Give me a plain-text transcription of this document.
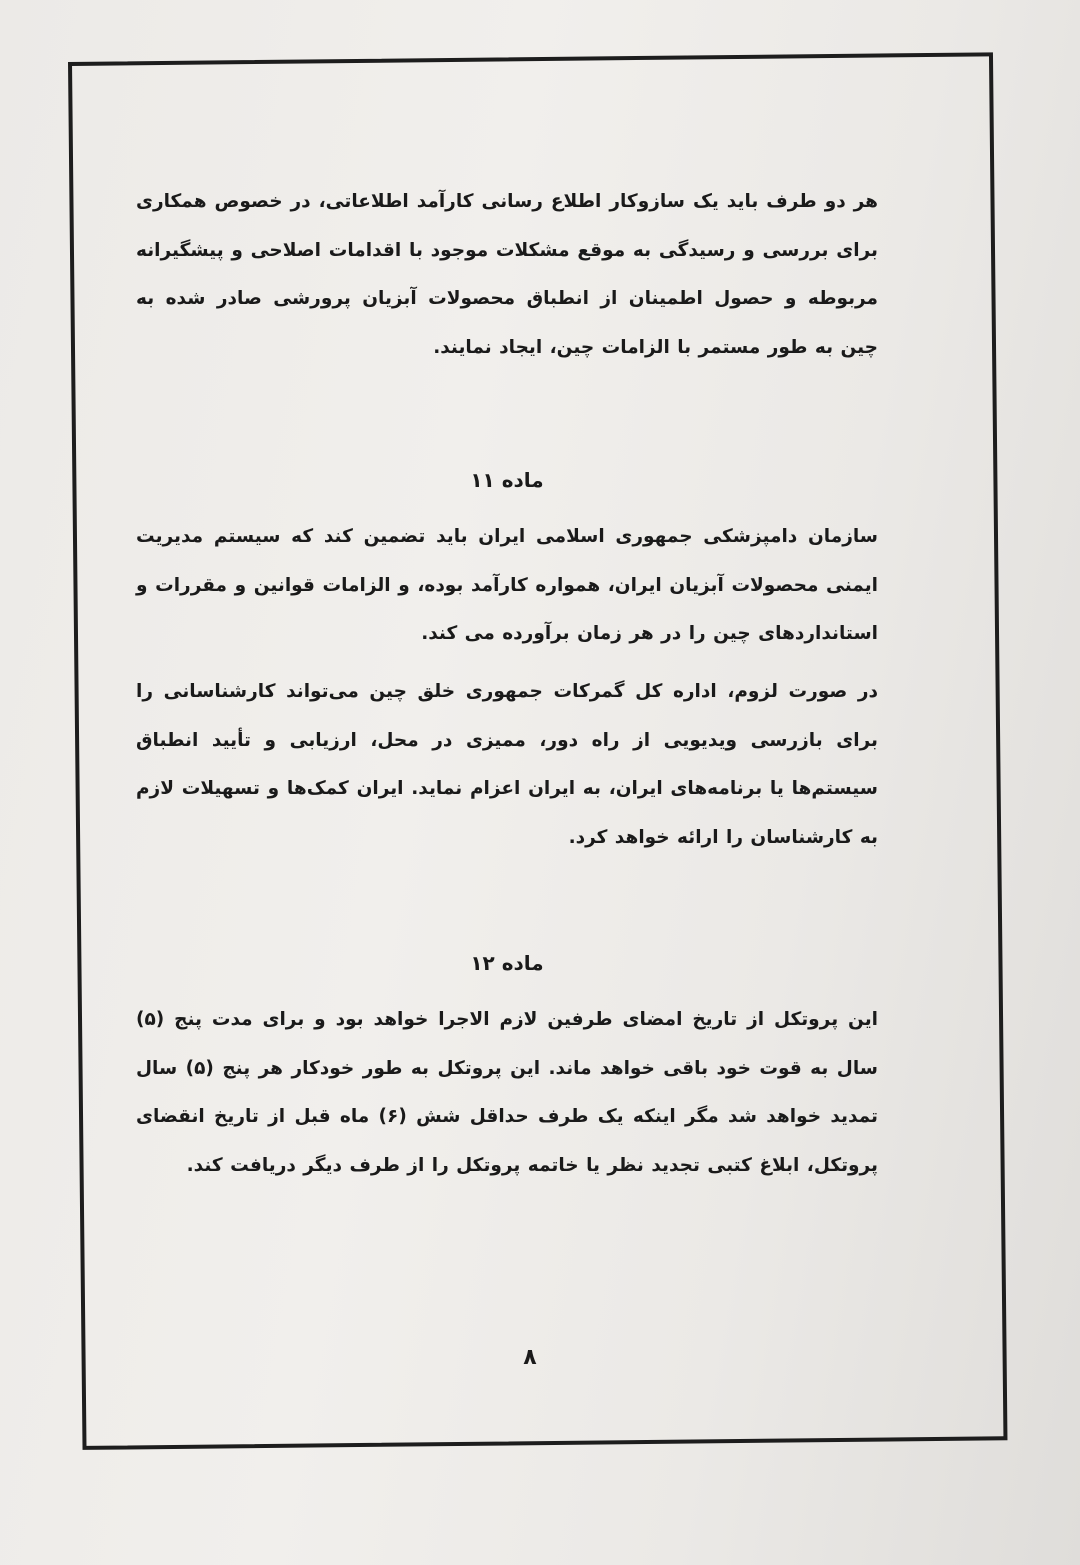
هر دو طرف باید یک سازوکار اطلاع رسانی کارآمد اطلاعاتی، در خصوص همکاری برای بررسی و رسیدگی به موقع مشکلات موجود با اقدامات اصلاحی و پیشگیرانه مربوطه و حصول اطمینان از انطباق محصولات آبزیان پرورشی صادر شده به چین به طور مستمر با الزامات چین، ایجاد نمایند.

ماده ۱۱

سازمان دامپزشکی جمهوری اسلامی ایران باید تضمین کند که سیستم مدیریت ایمنی محصولات آبزیان ایران، همواره کارآمد بوده، و الزامات قوانین و مقررات و استانداردهای چین را در هر زمان برآورده می کند.

در صورت لزوم، اداره کل گمرکات جمهوری خلق چین می‌تواند کارشناسانی را برای بازرسی ویدیویی از راه دور، ممیزی در محل، ارزیابی و تأیید انطباق سیستم‌ها یا برنامه‌های ایران، به ایران اعزام نماید. ایران کمک‌ها و تسهیلات لازم به کارشناسان را ارائه خواهد کرد.

ماده ۱۲

این پروتکل از تاریخ امضای طرفین لازم الاجرا خواهد بود و برای مدت پنج (۵) سال به قوت خود باقی خواهد ماند. این پروتکل به طور خودکار هر پنج (۵) سال تمدید خواهد شد مگر اینکه یک طرف حداقل شش (۶) ماه قبل از تاریخ انقضای پروتکل، ابلاغ کتبی تجدید نظر یا خاتمه پروتکل را از طرف دیگر دریافت کند.

۸
